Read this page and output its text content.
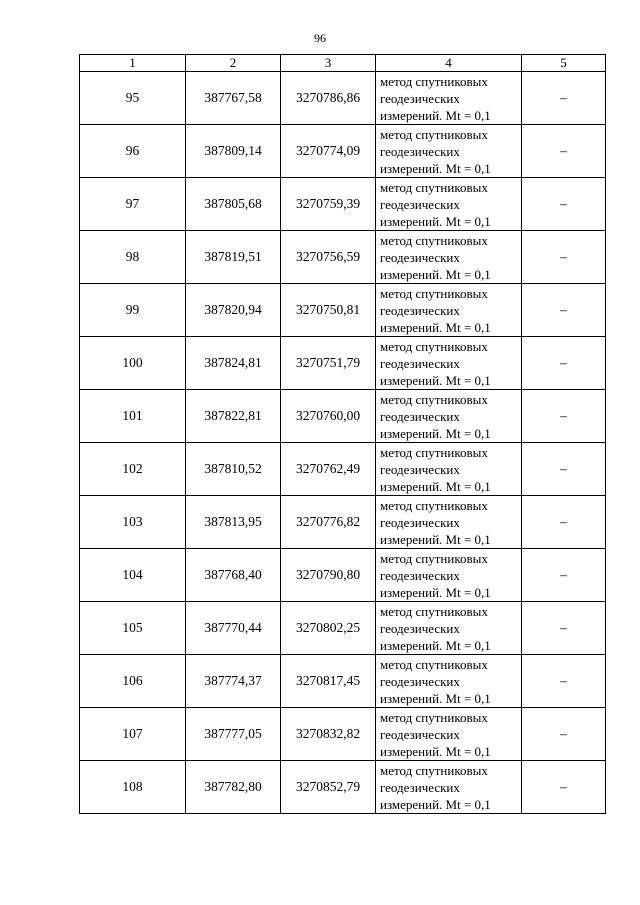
96
1	2	3	4	5
95	387767,58	3270786,86	метод спутниковых
геодезических
измерений. Mt = 0,1	–
96	387809,14	3270774,09	метод спутниковых
геодезических
измерений. Mt = 0,1	–
97	387805,68	3270759,39	метод спутниковых
геодезических
измерений. Mt = 0,1	–
98	387819,51	3270756,59	метод спутниковых
геодезических
измерений. Mt = 0,1	–
99	387820,94	3270750,81	метод спутниковых
геодезических
измерений. Mt = 0,1	–
100	387824,81	3270751,79	метод спутниковых
геодезических
измерений. Mt = 0,1	–
101	387822,81	3270760,00	метод спутниковых
геодезических
измерений. Mt = 0,1	–
102	387810,52	3270762,49	метод спутниковых
геодезических
измерений. Mt = 0,1	–
103	387813,95	3270776,82	метод спутниковых
геодезических
измерений. Mt = 0,1	–
104	387768,40	3270790,80	метод спутниковых
геодезических
измерений. Mt = 0,1	–
105	387770,44	3270802,25	метод спутниковых
геодезических
измерений. Mt = 0,1	–
106	387774,37	3270817,45	метод спутниковых
геодезических
измерений. Mt = 0,1	–
107	387777,05	3270832,82	метод спутниковых
геодезических
измерений. Mt = 0,1	–
108	387782,80	3270852,79	метод спутниковых
геодезических
измерений. Mt = 0,1	–
